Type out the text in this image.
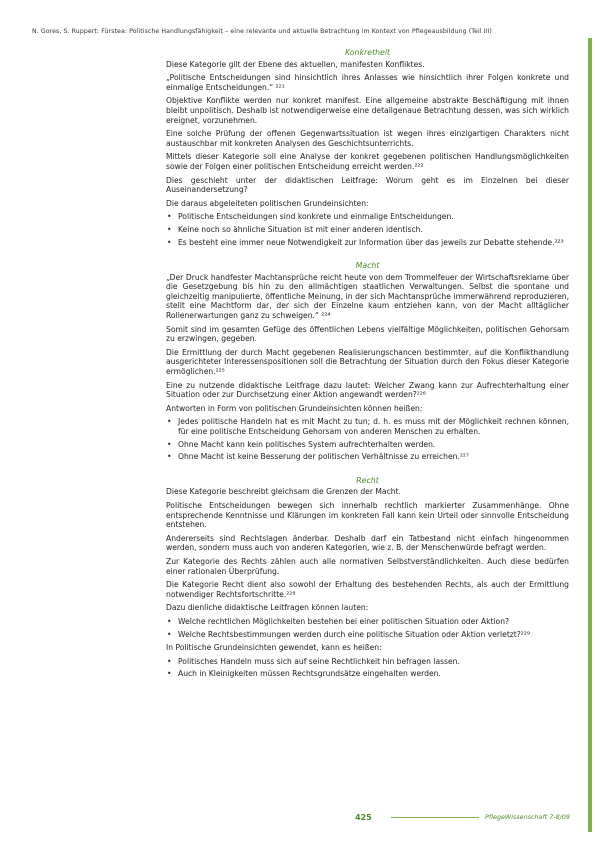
N. Gores, S. Ruppert: Fürstea: Politische Handlungsfähigkeit – eine relevante und aktuelle Betrachtung im Kontext von Pflegeausbildung (Teil III)
Konkretheit

Diese Kategorie gilt der Ebene des aktuellen, manifesten Konfliktes.

„Politische Entscheidungen sind hinsichtlich ihres Anlasses wie hinsichtlich ihrer Folgen konkrete und einmalige Entscheidungen.“ ²²¹

Objektive Konflikte werden nur konkret manifest. Eine allgemeine abstrakte Beschäftigung mit ihnen bleibt unpolitisch. Deshalb ist notwendigerweise eine detailgenaue Betrachtung dessen, was sich wirklich ereignet, vorzunehmen.

Eine solche Prüfung der offenen Gegenwartssituation ist wegen ihres einzigartigen Charakters nicht austauschbar mit konkreten Analysen des Geschichtsunterrichts.

Mittels dieser Kategorie soll eine Analyse der konkret gegebenen politischen Handlungsmöglichkeiten sowie der Folgen einer politischen Entscheidung erreicht werden.²²²

Dies geschieht unter der didaktischen Leitfrage: Worum geht es im Einzelnen bei dieser Auseinandersetzung?

Die daraus abgeleiteten politischen Grundeinsichten:

• Politische Entscheidungen sind konkrete und einmalige Entscheidungen.
• Keine noch so ähnliche Situation ist mit einer anderen identisch.
• Es besteht eine immer neue Notwendigkeit zur Information über das jeweils zur Debatte stehende.²²³
Macht

„Der Druck handfester Machtansprüche reicht heute von dem Trommelfeuer der Wirtschaftsreklame über die Gesetzgebung bis hin zu den allmächtigen staatlichen Verwaltungen. Selbst die spontane und gleichzeitig manipulierte, öffentliche Meinung, in der sich Machtansprüche immerwährend reproduzieren, stellt eine Machtform dar, der sich der Einzelne kaum entziehen kann, von der Macht alltäglicher Rollenerwartungen ganz zu schweigen.“ ²²⁴

Somit sind im gesamten Gefüge des öffentlichen Lebens vielfältige Möglichkeiten, politischen Gehorsam zu erzwingen, gegeben.

Die Ermittlung der durch Macht gegebenen Realisierungschancen bestimmter, auf die Konflikthandlung ausgerichteter Interessenspositionen soll die Betrachtung der Situation durch den Fokus dieser Kategorie ermöglichen.²²⁵

Eine zu nutzende didaktische Leitfrage dazu lautet: Welcher Zwang kann zur Aufrechterhaltung einer Situation oder zur Durchsetzung einer Aktion angewandt werden?²²⁶

Antworten in Form von politischen Grundeinsichten können heißen:

• Jedes politische Handeln hat es mit Macht zu tun; d. h. es muss mit der Möglichkeit rechnen können, für eine politische Entscheidung Gehorsam von anderen Menschen zu erhalten.
• Ohne Macht kann kein politisches System aufrechterhalten werden.
• Ohne Macht ist keine Besserung der politischen Verhältnisse zu erreichen.²²⁷
Recht

Diese Kategorie beschreibt gleichsam die Grenzen der Macht.

Politische Entscheidungen bewegen sich innerhalb rechtlich markierter Zusammenhänge. Ohne entsprechende Kenntnisse und Klärungen im konkreten Fall kann kein Urteil oder sinnvolle Entscheidung entstehen.

Andererseits sind Rechtslagen änderbar. Deshalb darf ein Tatbestand nicht einfach hingenommen werden, sondern muss auch von anderen Kategorien, wie z. B. der Menschenwürde befragt werden.

Zur Kategorie des Rechts zählen auch alle normativen Selbstverständlichkeiten. Auch diese bedürfen einer rationalen Überprüfung.

Die Kategorie Recht dient also sowohl der Erhaltung des bestehenden Rechts, als auch der Ermittlung notwendiger Rechtsfortschritte.²²⁸

Dazu dienliche didaktische Leitfragen können lauten:

• Welche rechtlichen Möglichkeiten bestehen bei einer politischen Situation oder Aktion?
• Welche Rechtsbestimmungen werden durch eine politische Situation oder Aktion verletzt?²²⁹

In Politische Grundeinsichten gewendet, kann es heißen:

• Politisches Handeln muss sich auf seine Rechtlichkeit hin befragen lassen.
• Auch in Kleinigkeiten müssen Rechtsgrundsätze eingehalten werden.
425	PflegeWissenschaft 7-8/09
